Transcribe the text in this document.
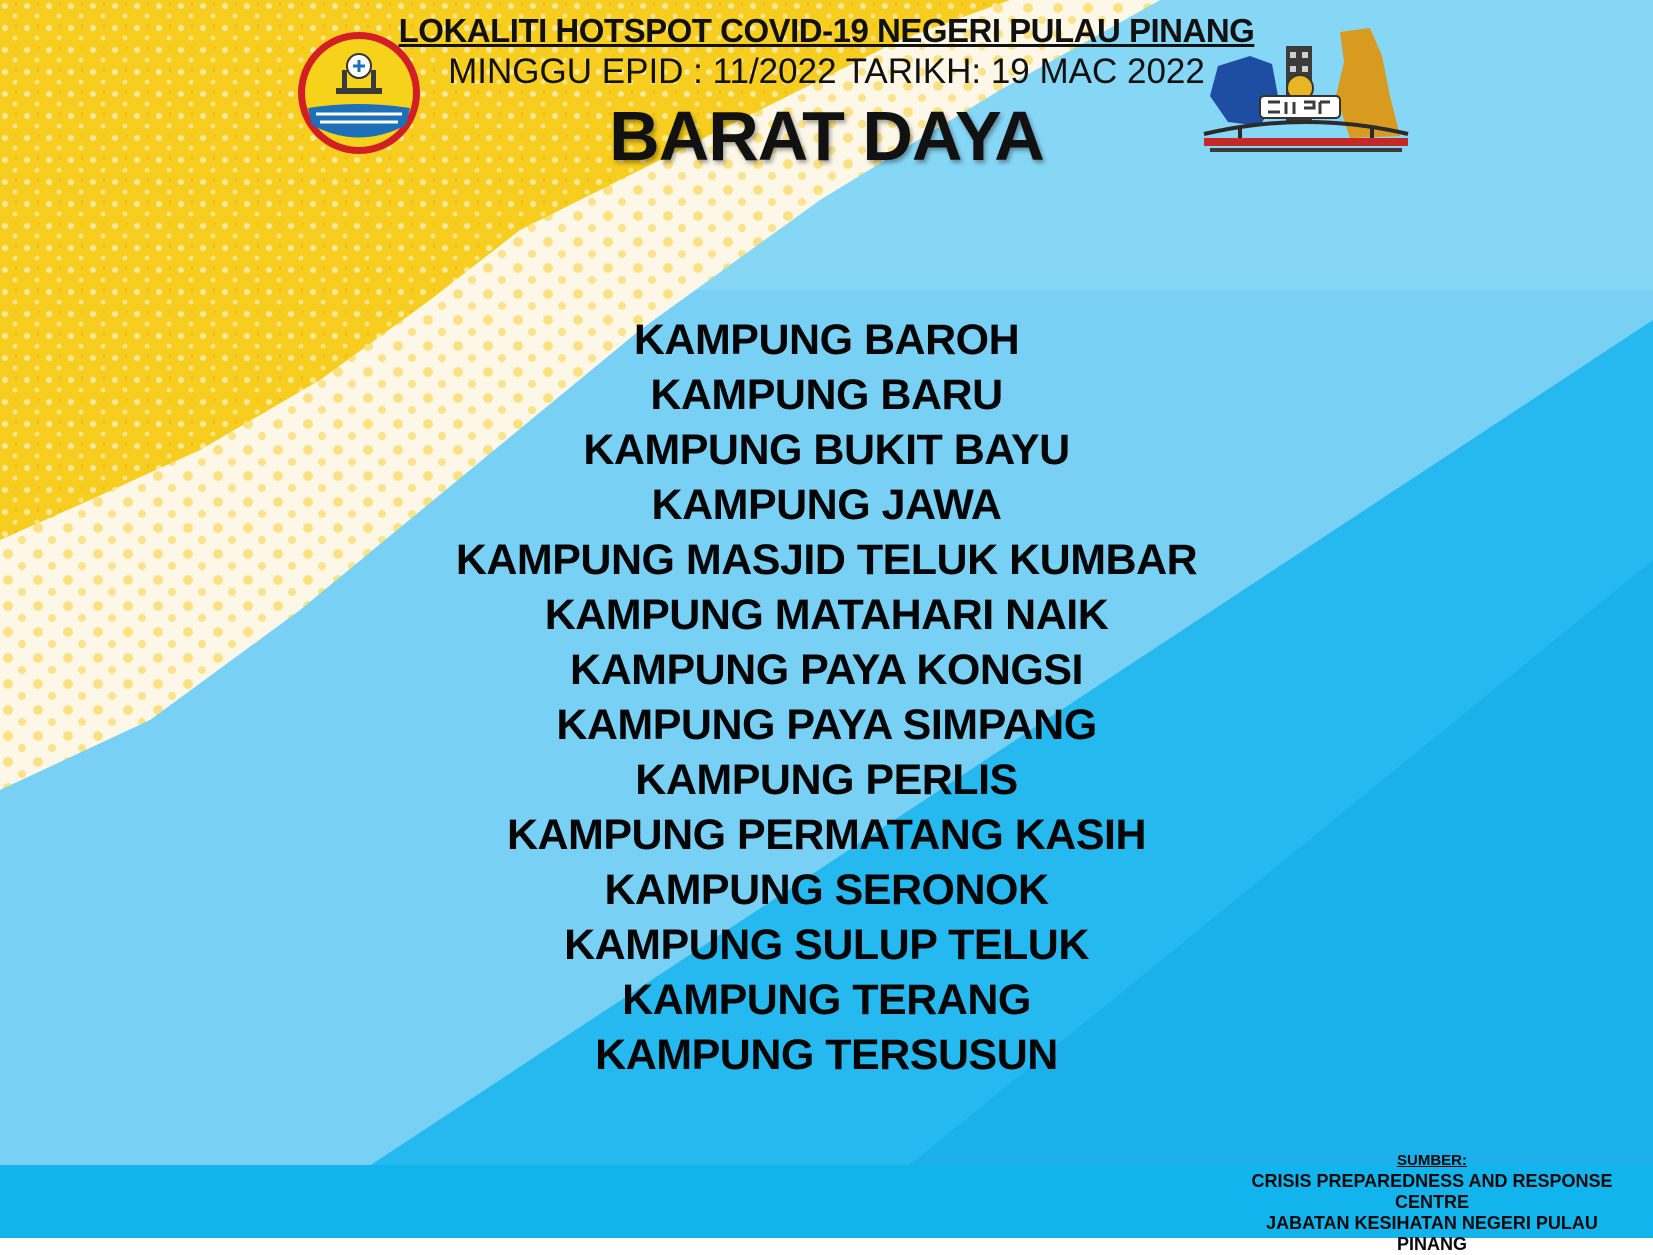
LOKALITI HOTSPOT COVID-19 NEGERI PULAU PINANG
MINGGU EPID : 11/2022 TARIKH: 19 MAC 2022
BARAT DAYA
KAMPUNG BAROH
KAMPUNG BARU
KAMPUNG BUKIT BAYU
KAMPUNG JAWA
KAMPUNG MASJID TELUK KUMBAR
KAMPUNG MATAHARI NAIK
KAMPUNG PAYA KONGSI
KAMPUNG PAYA SIMPANG
KAMPUNG PERLIS
KAMPUNG PERMATANG KASIH
KAMPUNG SERONOK
KAMPUNG SULUP TELUK
KAMPUNG TERANG
KAMPUNG TERSUSUN
SUMBER:
CRISIS PREPAREDNESS AND RESPONSE
CENTRE
JABATAN KESIHATAN NEGERI PULAU PINANG
